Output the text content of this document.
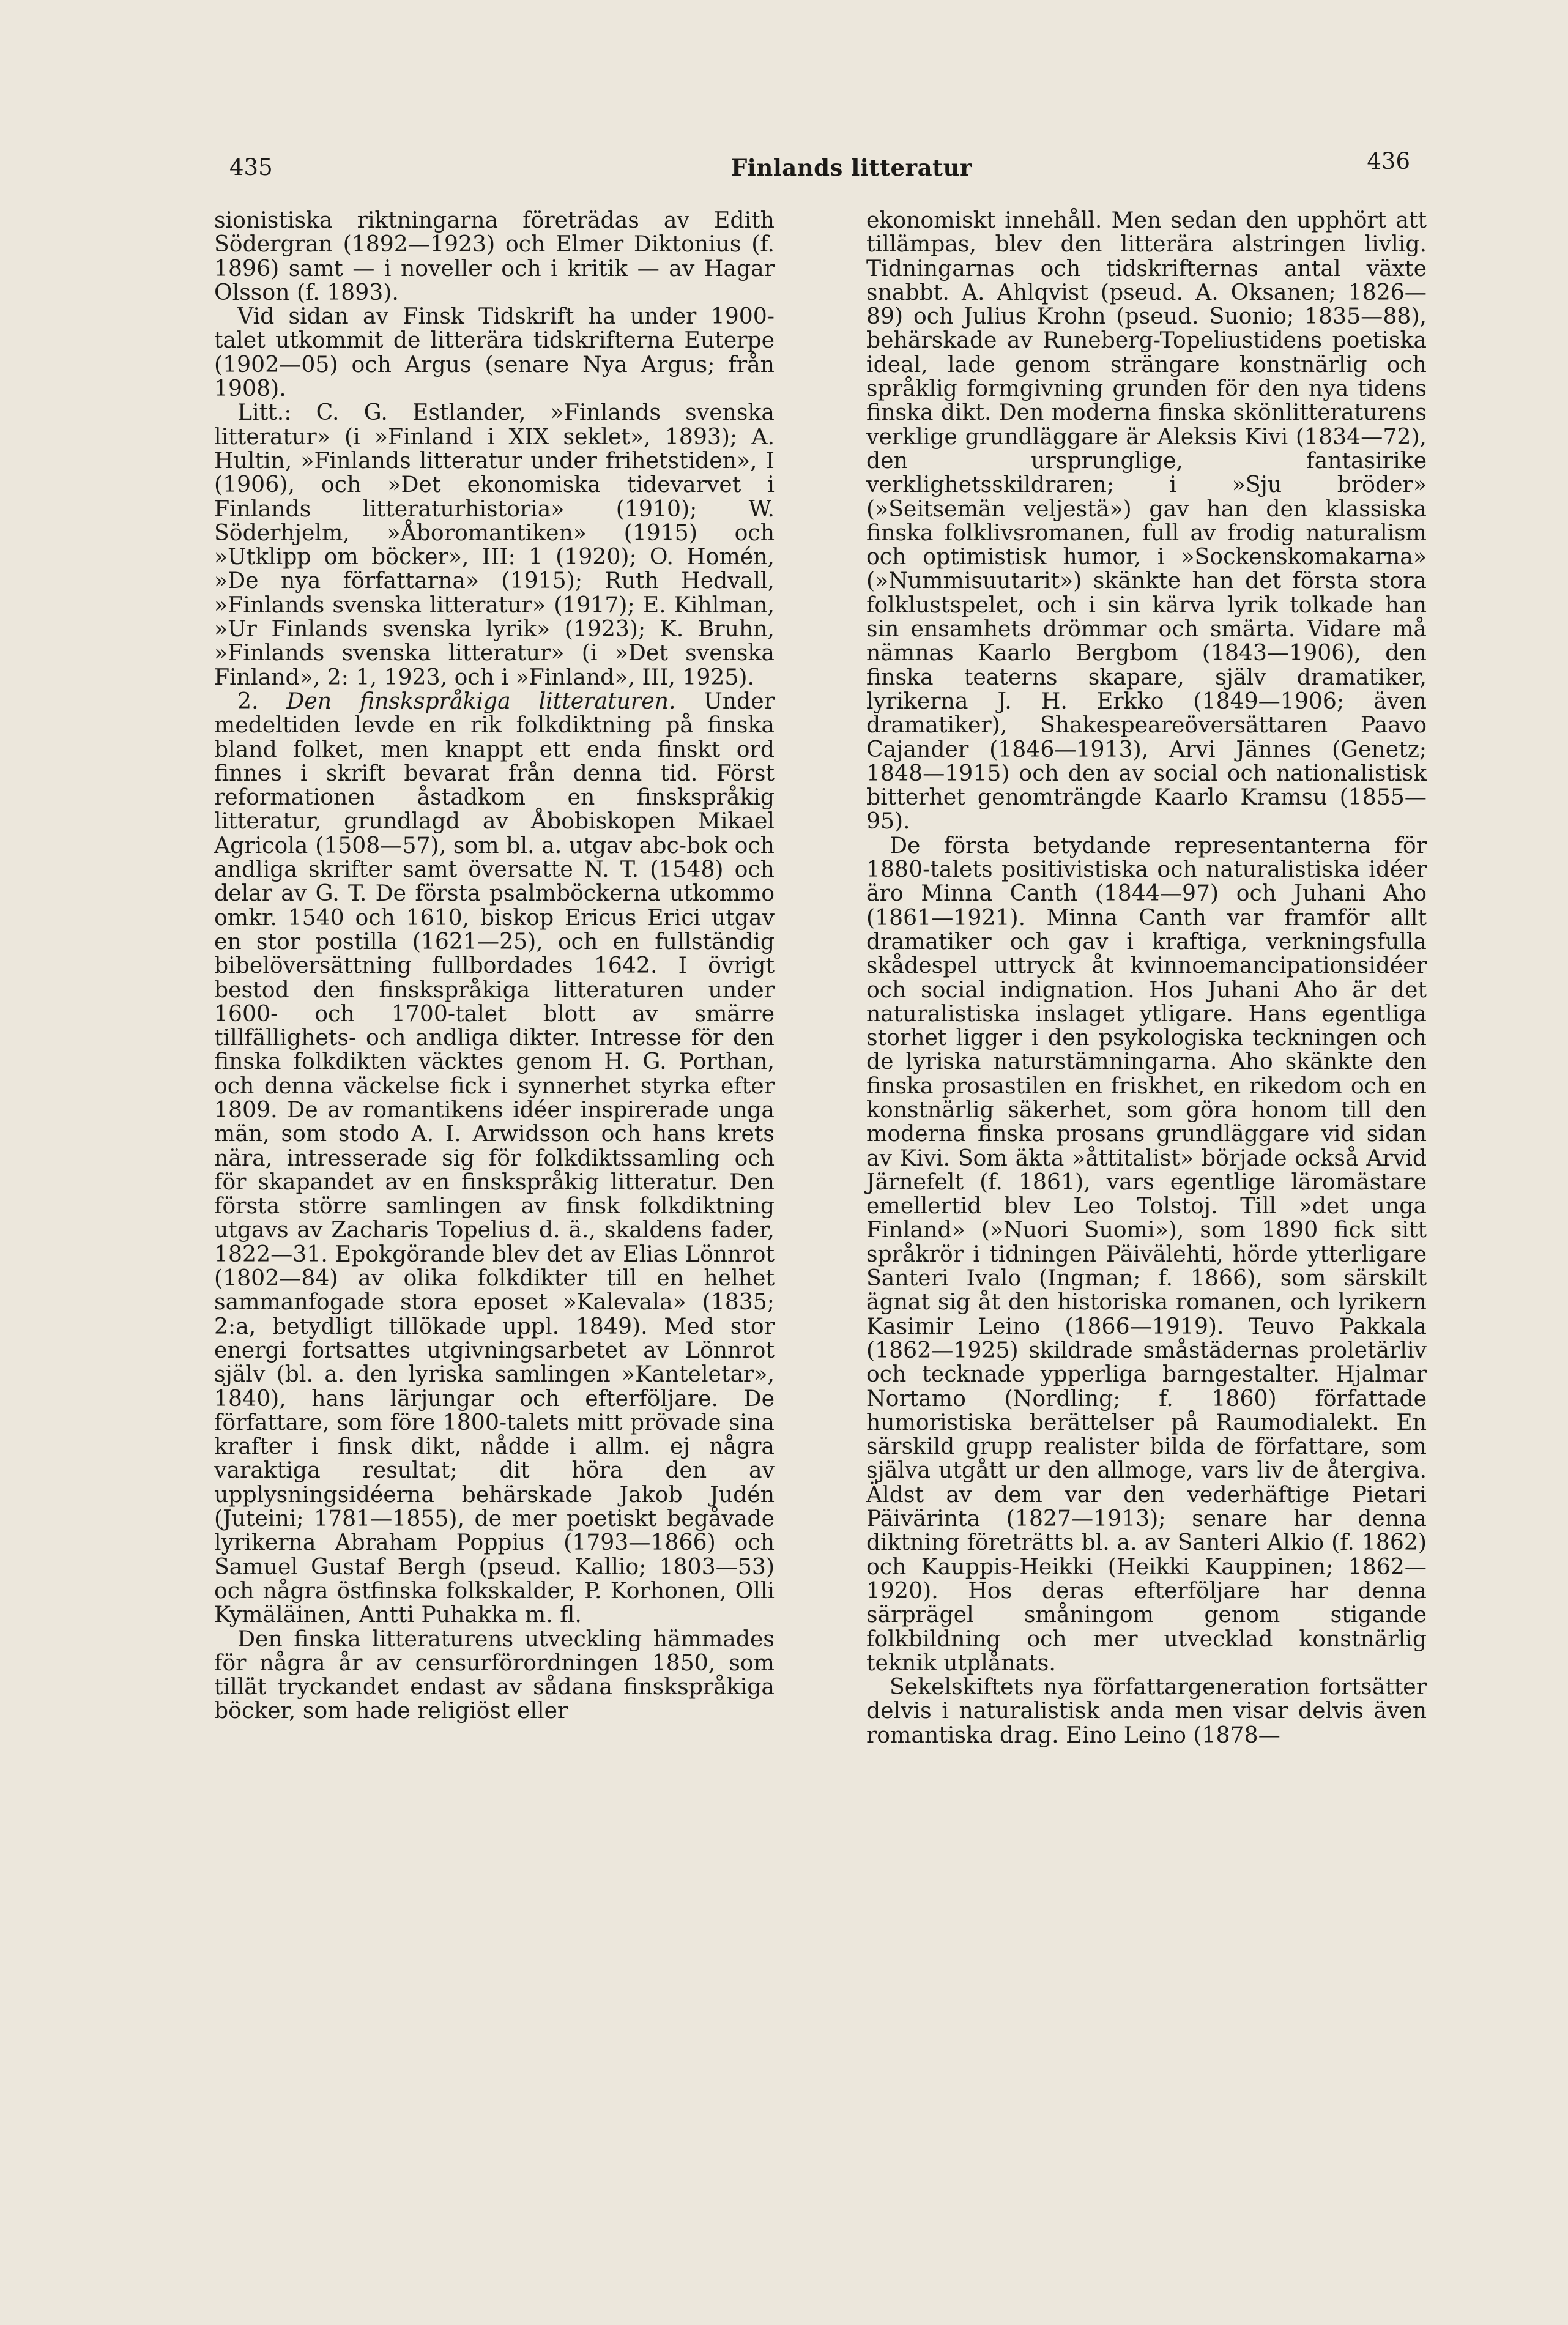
435	Finlands litteratur	436

sionistiska riktningarna företrädas av Edith Södergran (1892—1923) och Elmer Diktonius (f. 1896) samt — i noveller och i kritik — av Hagar Olsson (f. 1893).

Vid sidan av Finsk Tidskrift ha under 1900-talet utkommit de litterära tidskrifterna Euterpe (1902—05) och Argus (senare Nya Argus; från 1908).

Litt.: C. G. Estlander, »Finlands svenska litteratur» (i »Finland i XIX seklet», 1893); A. Hultin, »Finlands litteratur under frihetstiden», I (1906), och »Det ekonomiska tidevarvet i Finlands litteraturhistoria» (1910); W. Söderhjelm, »Åboromantiken» (1915) och »Utklipp om böcker», III: 1 (1920); O. Homén, »De nya författarna» (1915); Ruth Hedvall, »Finlands svenska litteratur» (1917); E. Kihlman, »Ur Finlands svenska lyrik» (1923); K. Bruhn, »Finlands svenska litteratur» (i »Det svenska Finland», 2: 1, 1923, och i »Finland», III, 1925).

2. Den finskspråkiga litteraturen. Under medeltiden levde en rik folkdiktning på finska bland folket, men knappt ett enda finskt ord finnes i skrift bevarat från denna tid. Först reformationen åstadkom en finskspråkig litteratur, grundlagd av Åbobiskopen Mikael Agricola (1508—57), som bl. a. utgav abc-bok och andliga skrifter samt översatte N. T. (1548) och delar av G. T. De första psalmböckerna utkommo omkr. 1540 och 1610, biskop Ericus Erici utgav en stor postilla (1621—25), och en fullständig bibelöversättning fullbordades 1642. I övrigt bestod den finskspråkiga litteraturen under 1600- och 1700-talet blott av smärre tillfällighets- och andliga dikter. Intresse för den finska folkdikten väcktes genom H. G. Porthan, och denna väckelse fick i synnerhet styrka efter 1809. De av romantikens idéer inspirerade unga män, som stodo A. I. Arwidsson och hans krets nära, intresserade sig för folkdiktssamling och för skapandet av en finskspråkig litteratur. Den första större samlingen av finsk folkdiktning utgavs av Zacharis Topelius d. ä., skaldens fader, 1822—31. Epokgörande blev det av Elias Lönnrot (1802—84) av olika folkdikter till en helhet sammanfogade stora eposet »Kalevala» (1835; 2:a, betydligt tillökade uppl. 1849). Med stor energi fortsattes utgivningsarbetet av Lönnrot själv (bl. a. den lyriska samlingen »Kanteletar», 1840), hans lärjungar och efterföljare. De författare, som före 1800-talets mitt prövade sina krafter i finsk dikt, nådde i allm. ej några varaktiga resultat; dit höra den av upplysningsidéerna behärskade Jakob Judén (Juteini; 1781—1855), de mer poetiskt begåvade lyrikerna Abraham Poppius (1793—1866) och Samuel Gustaf Bergh (pseud. Kallio; 1803—53) och några östfinska folkskalder, P. Korhonen, Olli Kymäläinen, Antti Puhakka m. fl.

Den finska litteraturens utveckling hämmades för några år av censurförordningen 1850, som tillät tryckandet endast av sådana finskspråkiga böcker, som hade religiöst eller

ekonomiskt innehåll. Men sedan den upphört att tillämpas, blev den litterära alstringen livlig. Tidningarnas och tidskrifternas antal växte snabbt. A. Ahlqvist (pseud. A. Oksanen; 1826—89) och Julius Krohn (pseud. Suonio; 1835—88), behärskade av Runeberg-Topeliustidens poetiska ideal, lade genom strängare konstnärlig och språklig formgivning grunden för den nya tidens finska dikt. Den moderna finska skönlitteraturens verklige grundläggare är Aleksis Kivi (1834—72), den ursprunglige, fantasirike verklighetsskildraren; i »Sju bröder» (»Seitsemän veljestä») gav han den klassiska finska folklivsromanen, full av frodig naturalism och optimistisk humor, i »Sockenskomakarna» (»Nummisuutarit») skänkte han det första stora folklustspelet, och i sin kärva lyrik tolkade han sin ensamhets drömmar och smärta. Vidare må nämnas Kaarlo Bergbom (1843—1906), den finska teaterns skapare, själv dramatiker, lyrikerna J. H. Erkko (1849—1906; även dramatiker), Shakespeareöversättaren Paavo Cajander (1846—1913), Arvi Jännes (Genetz; 1848—1915) och den av social och nationalistisk bitterhet genomträngde Kaarlo Kramsu (1855—95).

De första betydande representanterna för 1880-talets positivistiska och naturalistiska idéer äro Minna Canth (1844—97) och Juhani Aho (1861—1921). Minna Canth var framför allt dramatiker och gav i kraftiga, verkningsfulla skådespel uttryck åt kvinnoemancipationsidéer och social indignation. Hos Juhani Aho är det naturalistiska inslaget ytligare. Hans egentliga storhet ligger i den psykologiska teckningen och de lyriska naturstämningarna. Aho skänkte den finska prosastilen en friskhet, en rikedom och en konstnärlig säkerhet, som göra honom till den moderna finska prosans grundläggare vid sidan av Kivi. Som äkta »åttitalist» började också Arvid Järnefelt (f. 1861), vars egentlige läromästare emellertid blev Leo Tolstoj. Till »det unga Finland» (»Nuori Suomi»), som 1890 fick sitt språkrör i tidningen Päivälehti, hörde ytterligare Santeri Ivalo (Ingman; f. 1866), som särskilt ägnat sig åt den historiska romanen, och lyrikern Kasimir Leino (1866—1919). Teuvo Pakkala (1862—1925) skildrade småstädernas proletärliv och tecknade ypperliga barngestalter. Hjalmar Nortamo (Nordling; f. 1860) författade humoristiska berättelser på Raumodialekt. En särskild grupp realister bilda de författare, som själva utgått ur den allmoge, vars liv de återgiva. Äldst av dem var den vederhäftige Pietari Päivärinta (1827—1913); senare har denna diktning företrätts bl. a. av Santeri Alkio (f. 1862) och Kauppis-Heikki (Heikki Kauppinen; 1862—1920). Hos deras efterföljare har denna särprägel småningom genom stigande folkbildning och mer utvecklad konstnärlig teknik utplånats.

Sekelskiftets nya författargeneration fortsätter delvis i naturalistisk anda men visar delvis även romantiska drag. Eino Leino (1878—
